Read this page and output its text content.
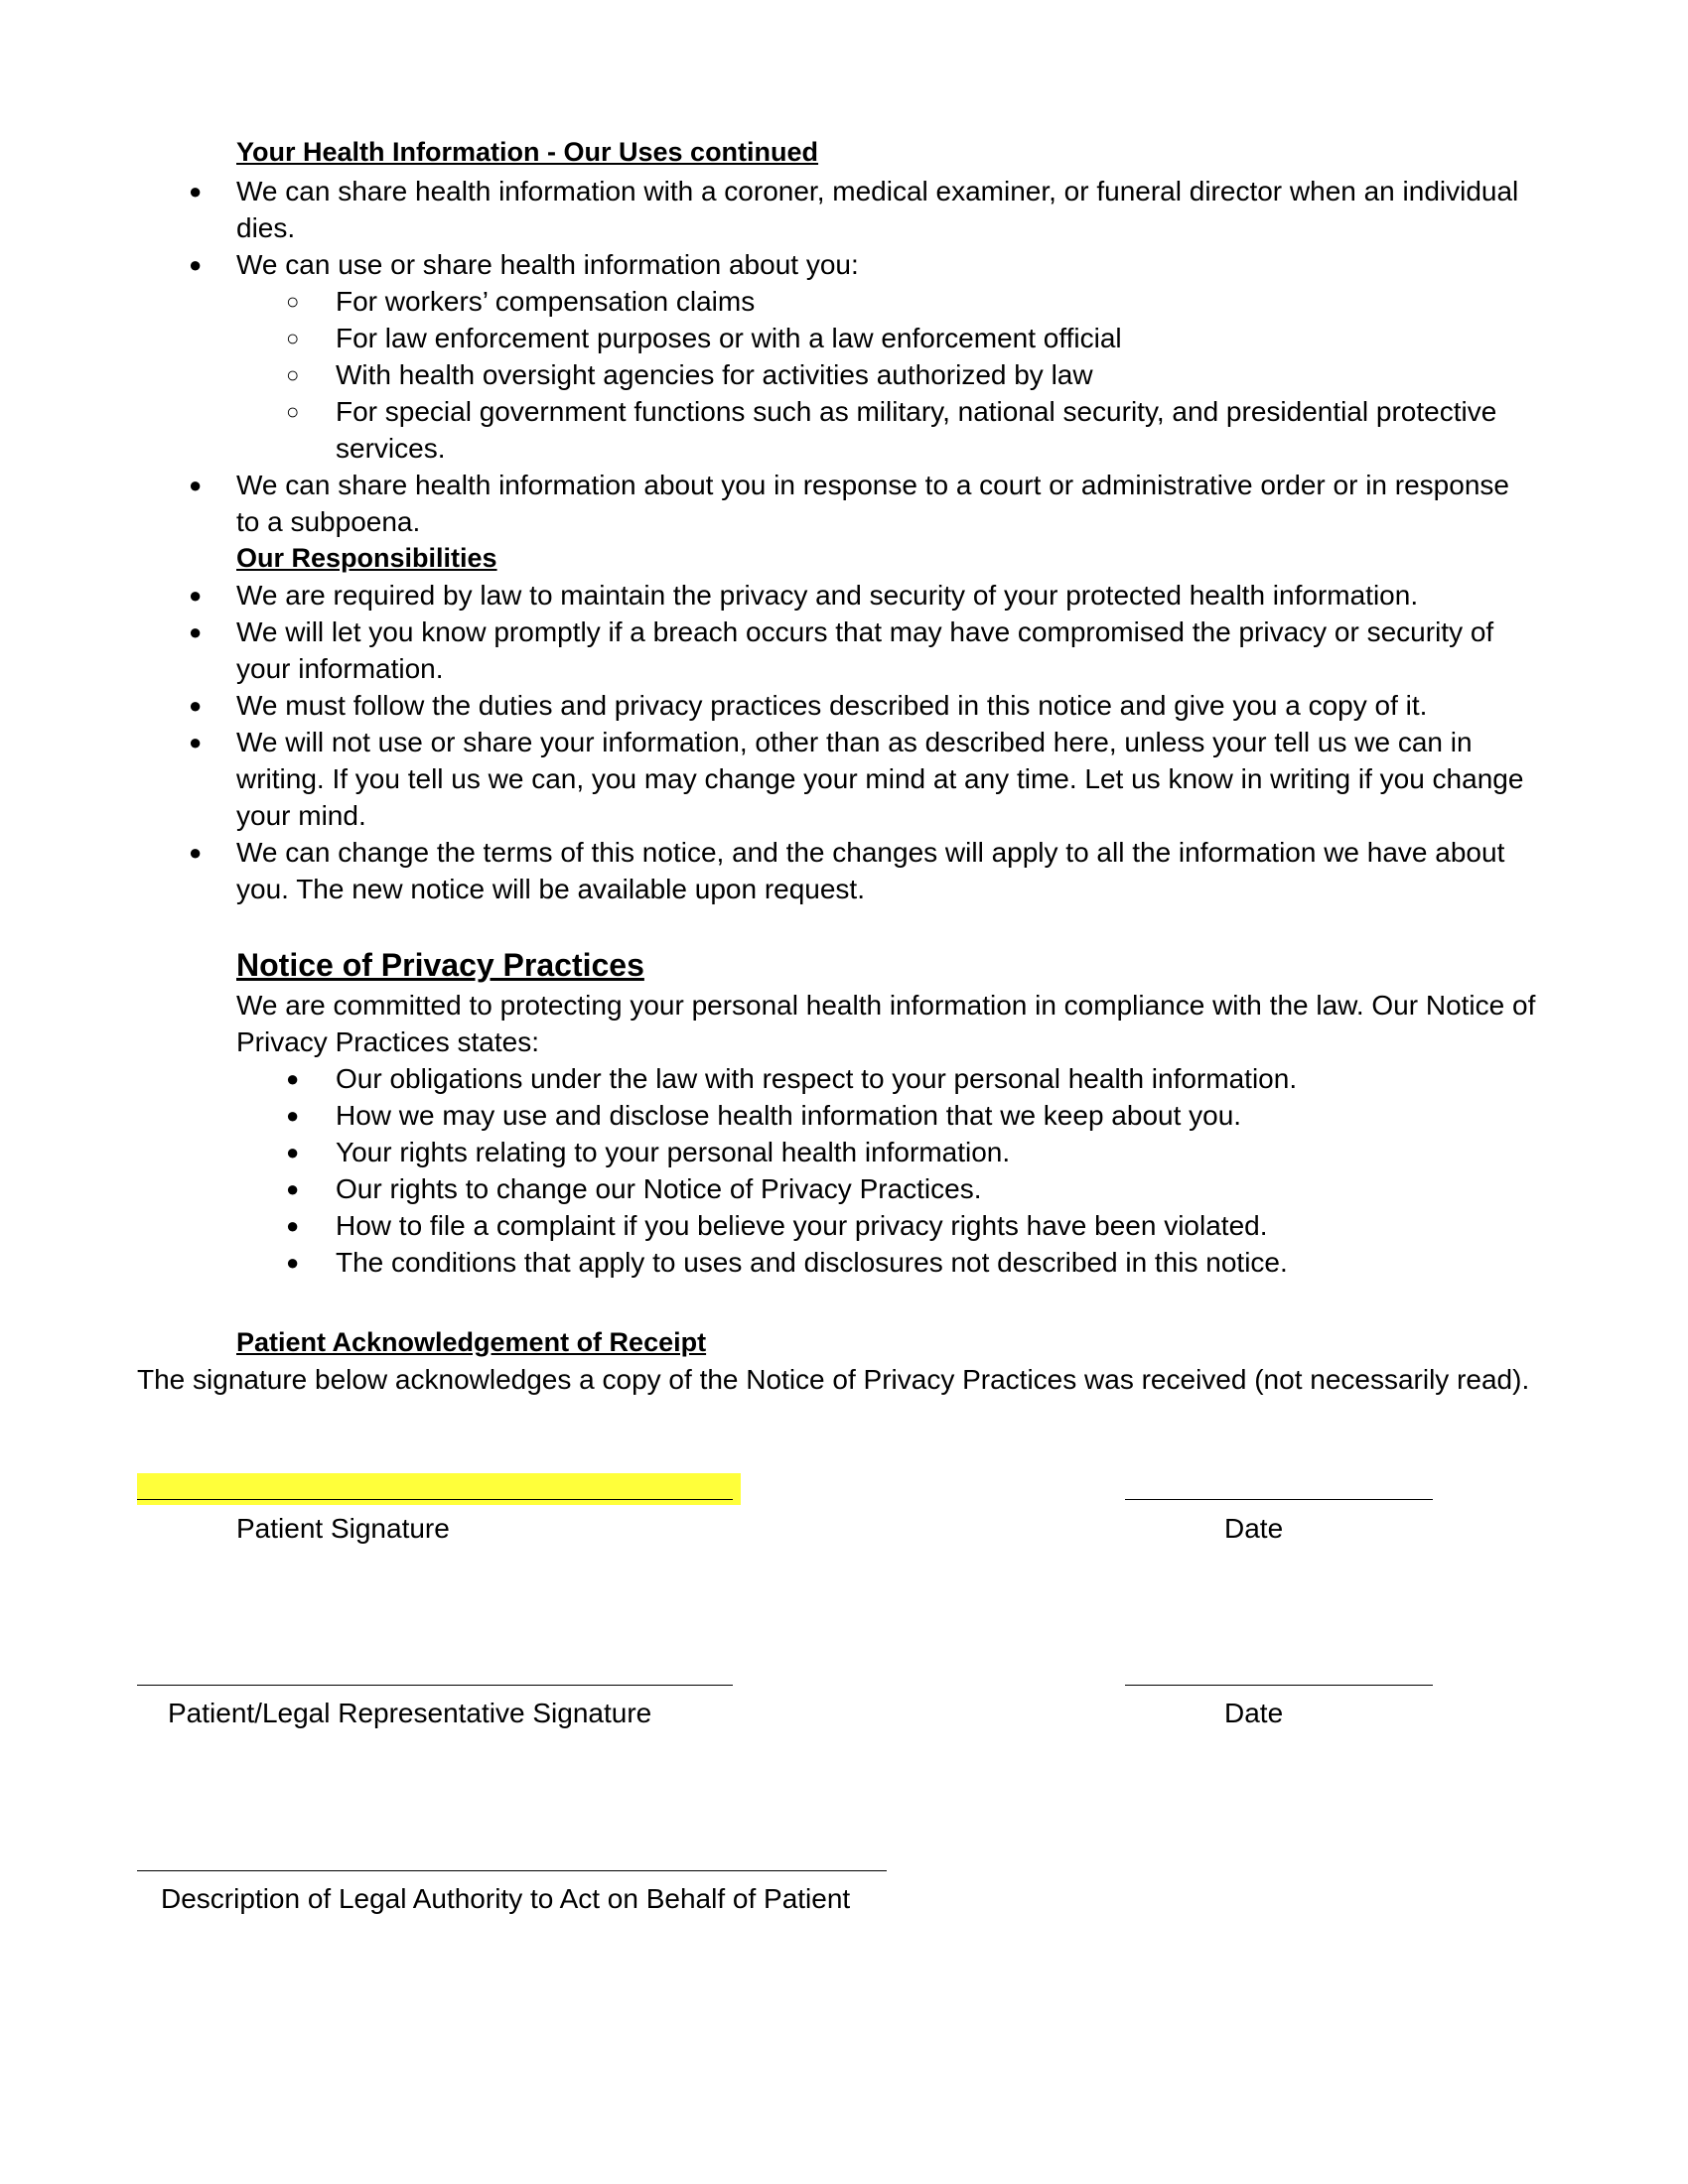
Your Health Information - Our Uses continued
● We can share health information with a coroner, medical examiner, or funeral director when an individual
dies.
● We can use or share health information about you:
○ For workers’ compensation claims
○ For law enforcement purposes or with a law enforcement official
○ With health oversight agencies for activities authorized by law
○ For special government functions such as military, national security, and presidential protective
services.
● We can share health information about you in response to a court or administrative order or in response
to a subpoena.
Our Responsibilities
● We are required by law to maintain the privacy and security of your protected health information.
● We will let you know promptly if a breach occurs that may have compromised the privacy or security of
your information.
● We must follow the duties and privacy practices described in this notice and give you a copy of it.
● We will not use or share your information, other than as described here, unless your tell us we can in
writing. If you tell us we can, you may change your mind at any time. Let us know in writing if you change
your mind.
● We can change the terms of this notice, and the changes will apply to all the information we have about
you. The new notice will be available upon request.
Notice of Privacy Practices
We are committed to protecting your personal health information in compliance with the law. Our Notice of
Privacy Practices states:
● Our obligations under the law with respect to your personal health information.
● How we may use and disclose health information that we keep about you.
● Your rights relating to your personal health information.
● Our rights to change our Notice of Privacy Practices.
● How to file a complaint if you believe your privacy rights have been violated.
● The conditions that apply to uses and disclosures not described in this notice.
Patient Acknowledgement of Receipt
The signature below acknowledges a copy of the Notice of Privacy Practices was received (not necessarily read).
Patient Signature	Date
Patient/Legal Representative Signature	Date
Description of Legal Authority to Act on Behalf of Patient
